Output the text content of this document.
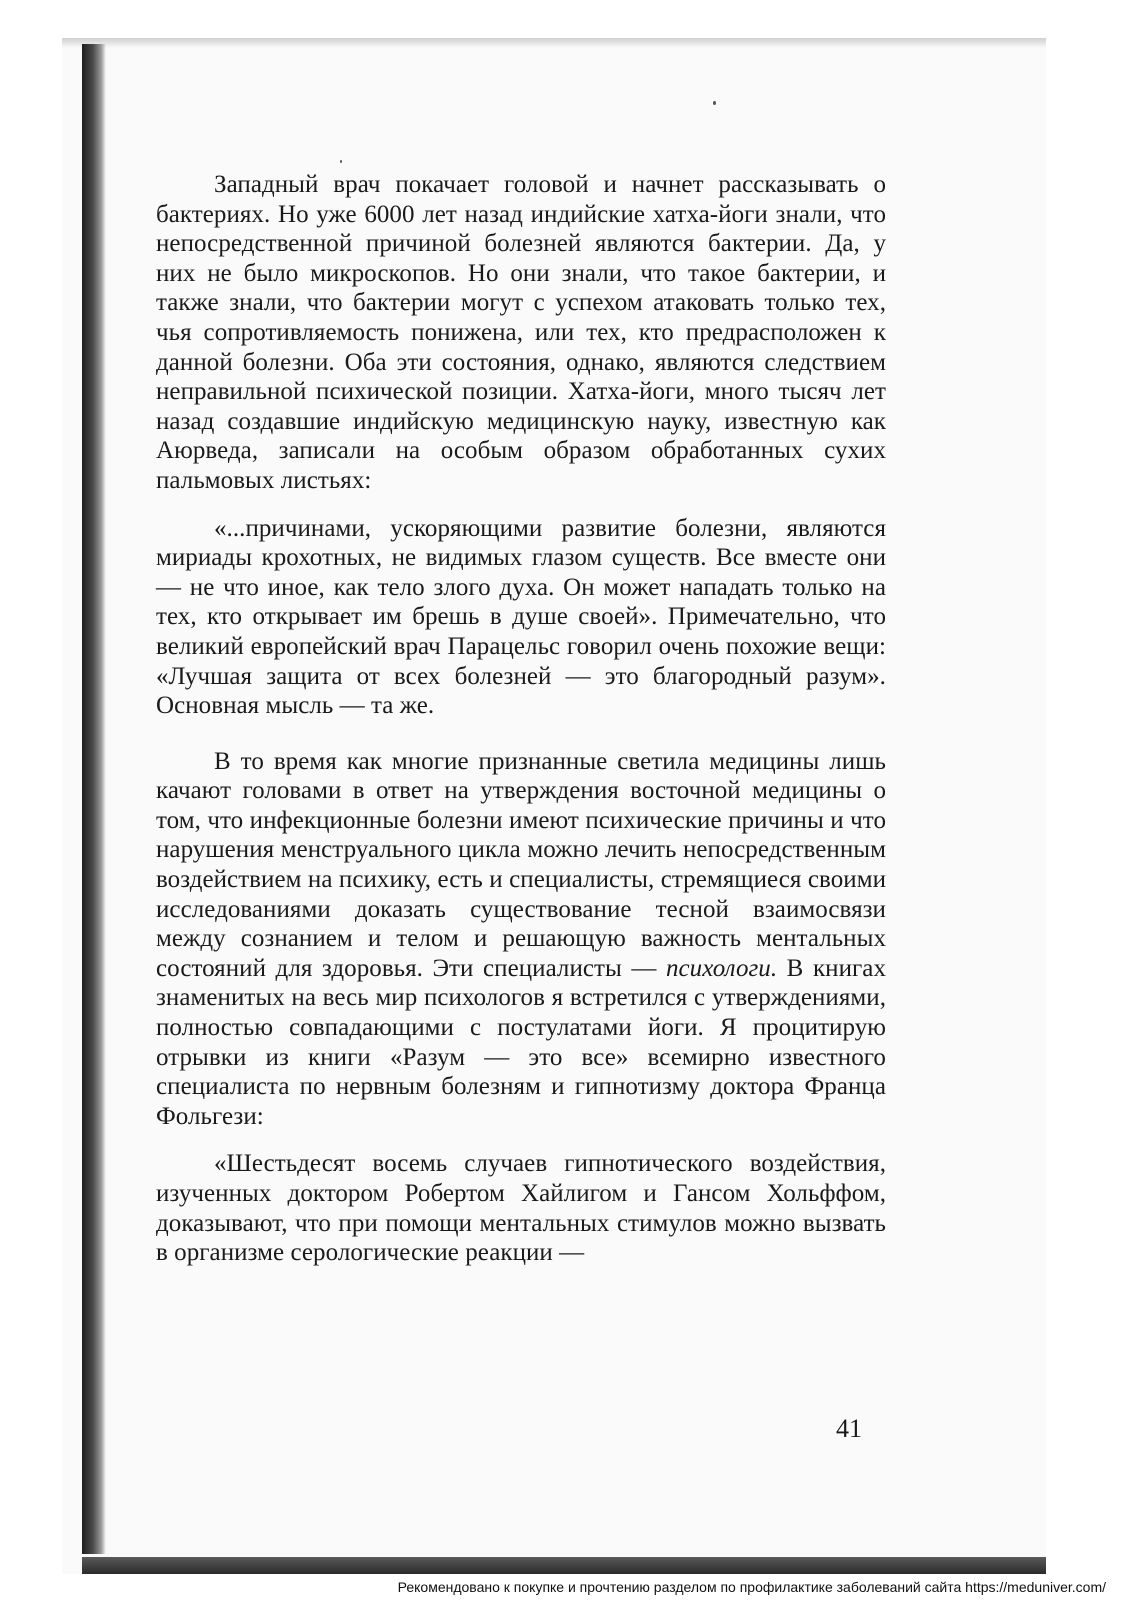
Западный врач покачает головой и начнет рассказывать о бактериях. Но уже 6000 лет назад индийские хатха-йоги знали, что непосредственной причиной болезней являются бактерии. Да, у них не было микроскопов. Но они знали, что такое бактерии, и также знали, что бактерии могут с успехом атаковать только тех, чья сопротивляемость понижена, или тех, кто предрасположен к данной болезни. Оба эти состояния, однако, являются следствием неправильной психической позиции. Хатха-йоги, много тысяч лет назад создавшие индийскую медицинскую науку, известную как Аюрведа, записали на особым образом обработанных сухих пальмовых листьях:

«...причинами, ускоряющими развитие болезни, являются мириады крохотных, не видимых глазом существ. Все вместе они — не что иное, как тело злого духа. Он может нападать только на тех, кто открывает им брешь в душе своей». Примечательно, что великий европейский врач Парацельс говорил очень похожие вещи: «Лучшая защита от всех болезней — это благородный разум». Основная мысль — та же.

В то время как многие признанные светила медицины лишь качают головами в ответ на утверждения восточной медицины о том, что инфекционные болезни имеют психические причины и что нарушения менструального цикла можно лечить непосредственным воздействием на психику, есть и специалисты, стремящиеся своими исследованиями доказать существование тесной взаимосвязи между сознанием и телом и решающую важность ментальных состояний для здоровья. Эти специалисты — психологи. В книгах знаменитых на весь мир психологов я встретился с утверждениями, полностью совпадающими с постулатами йоги. Я процитирую отрывки из книги «Разум — это все» всемирно известного специалиста по нервным болезням и гипнотизму доктора Франца Фольгези:

«Шестьдесят восемь случаев гипнотического воздействия, изученных доктором Робертом Хайлигом и Гансом Хольффом, доказывают, что при помощи ментальных стимулов можно вызвать в организме серологические реакции —

41
Рекомендовано к покупке и прочтению разделом по профилактике заболеваний сайта https://meduniver.com/
